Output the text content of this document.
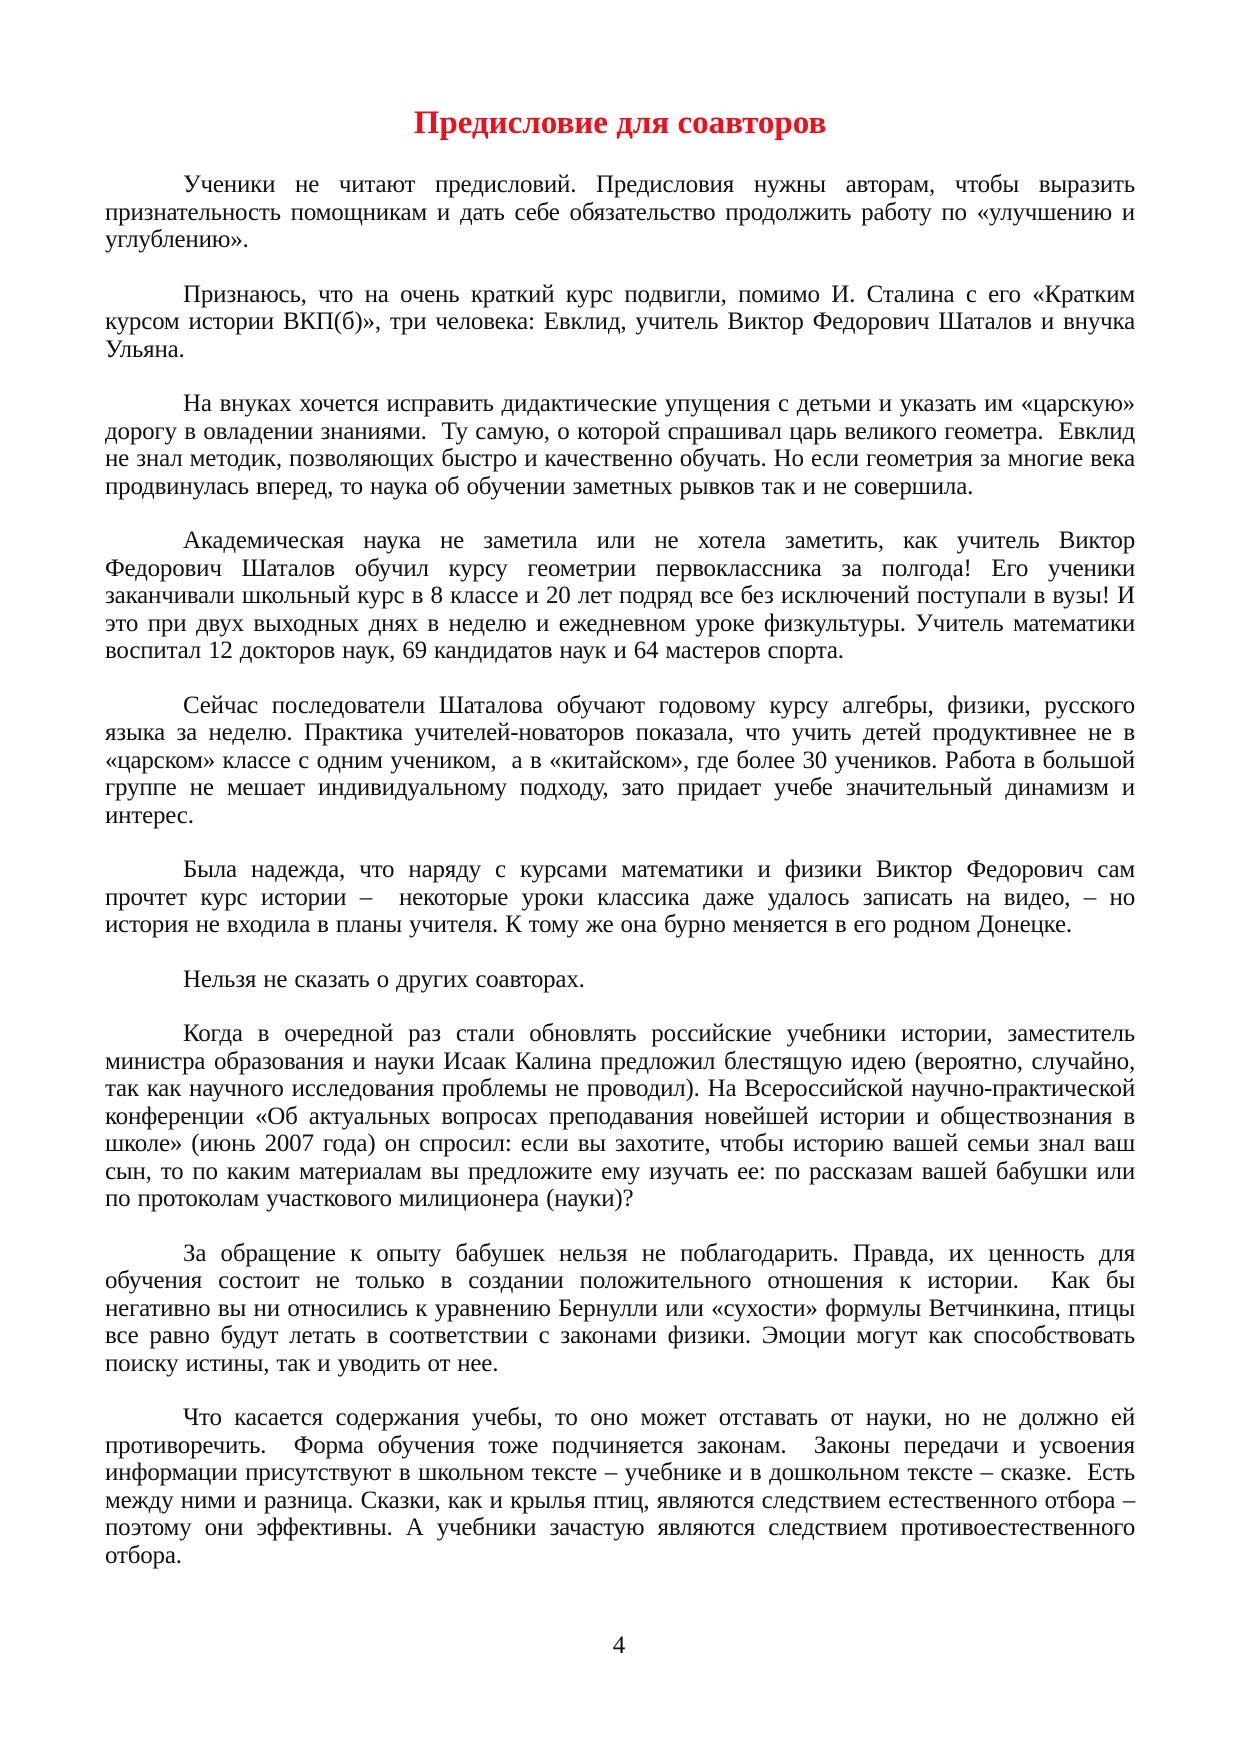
Предисловие для соавторов

Ученики не читают предисловий. Предисловия нужны авторам, чтобы выразить признательность помощникам и дать себе обязательство продолжить работу по «улучшению и углублению».

Признаюсь, что на очень краткий курс подвигли, помимо И. Сталина с его «Кратким курсом истории ВКП(б)», три человека: Евклид, учитель Виктор Федорович Шаталов и внучка Ульяна.

На внуках хочется исправить дидактические упущения с детьми и указать им «царскую» дорогу в овладении знаниями.  Ту самую, о которой спрашивал царь великого геометра.  Евклид не знал методик, позволяющих быстро и качественно обучать. Но если геометрия за многие века продвинулась вперед, то наука об обучении заметных рывков так и не совершила.

Академическая наука не заметила или не хотела заметить, как учитель Виктор Федорович Шаталов обучил курсу геометрии первоклассника за полгода! Его ученики заканчивали школьный курс в 8 классе и 20 лет подряд все без исключений поступали в вузы! И это при двух выходных днях в неделю и ежедневном уроке физкультуры. Учитель математики воспитал 12 докторов наук, 69 кандидатов наук и 64 мастеров спорта.

Сейчас последователи Шаталова обучают годовому курсу алгебры, физики, русского языка за неделю. Практика учителей-новаторов показала, что учить детей продуктивнее не в «царском» классе с одним учеником,  а в «китайском», где более 30 учеников. Работа в большой группе не мешает индивидуальному подходу, зато придает учебе значительный динамизм и интерес.

Была надежда, что наряду с курсами математики и физики Виктор Федорович сам прочтет курс истории –  некоторые уроки классика даже удалось записать на видео, – но история не входила в планы учителя. К тому же она бурно меняется в его родном Донецке.

Нельзя не сказать о других соавторах.

Когда в очередной раз стали обновлять российские учебники истории, заместитель министра образования и науки Исаак Калина предложил блестящую идею (вероятно, случайно, так как научного исследования проблемы не проводил). На Всероссийской научно-практической конференции «Об актуальных вопросах преподавания новейшей истории и обществознания в школе» (июнь 2007 года) он спросил: если вы захотите, чтобы историю вашей семьи знал ваш сын, то по каким материалам вы предложите ему изучать ее: по рассказам вашей бабушки или по протоколам участкового милиционера (науки)?

За обращение к опыту бабушек нельзя не поблагодарить. Правда, их ценность для обучения состоит не только в создании положительного отношения к истории.  Как бы негативно вы ни относились к уравнению Бернулли или «сухости» формулы Ветчинкина, птицы все равно будут летать в соответствии с законами физики. Эмоции могут как способствовать поиску истины, так и уводить от нее.

Что касается содержания учебы, то оно может отставать от науки, но не должно ей противоречить.  Форма обучения тоже подчиняется законам.  Законы передачи и усвоения информации присутствуют в школьном тексте – учебнике и в дошкольном тексте – сказке.  Есть между ними и разница. Сказки, как и крылья птиц, являются следствием естественного отбора – поэтому они эффективны. А учебники зачастую являются следствием противоестественного отбора.

4
